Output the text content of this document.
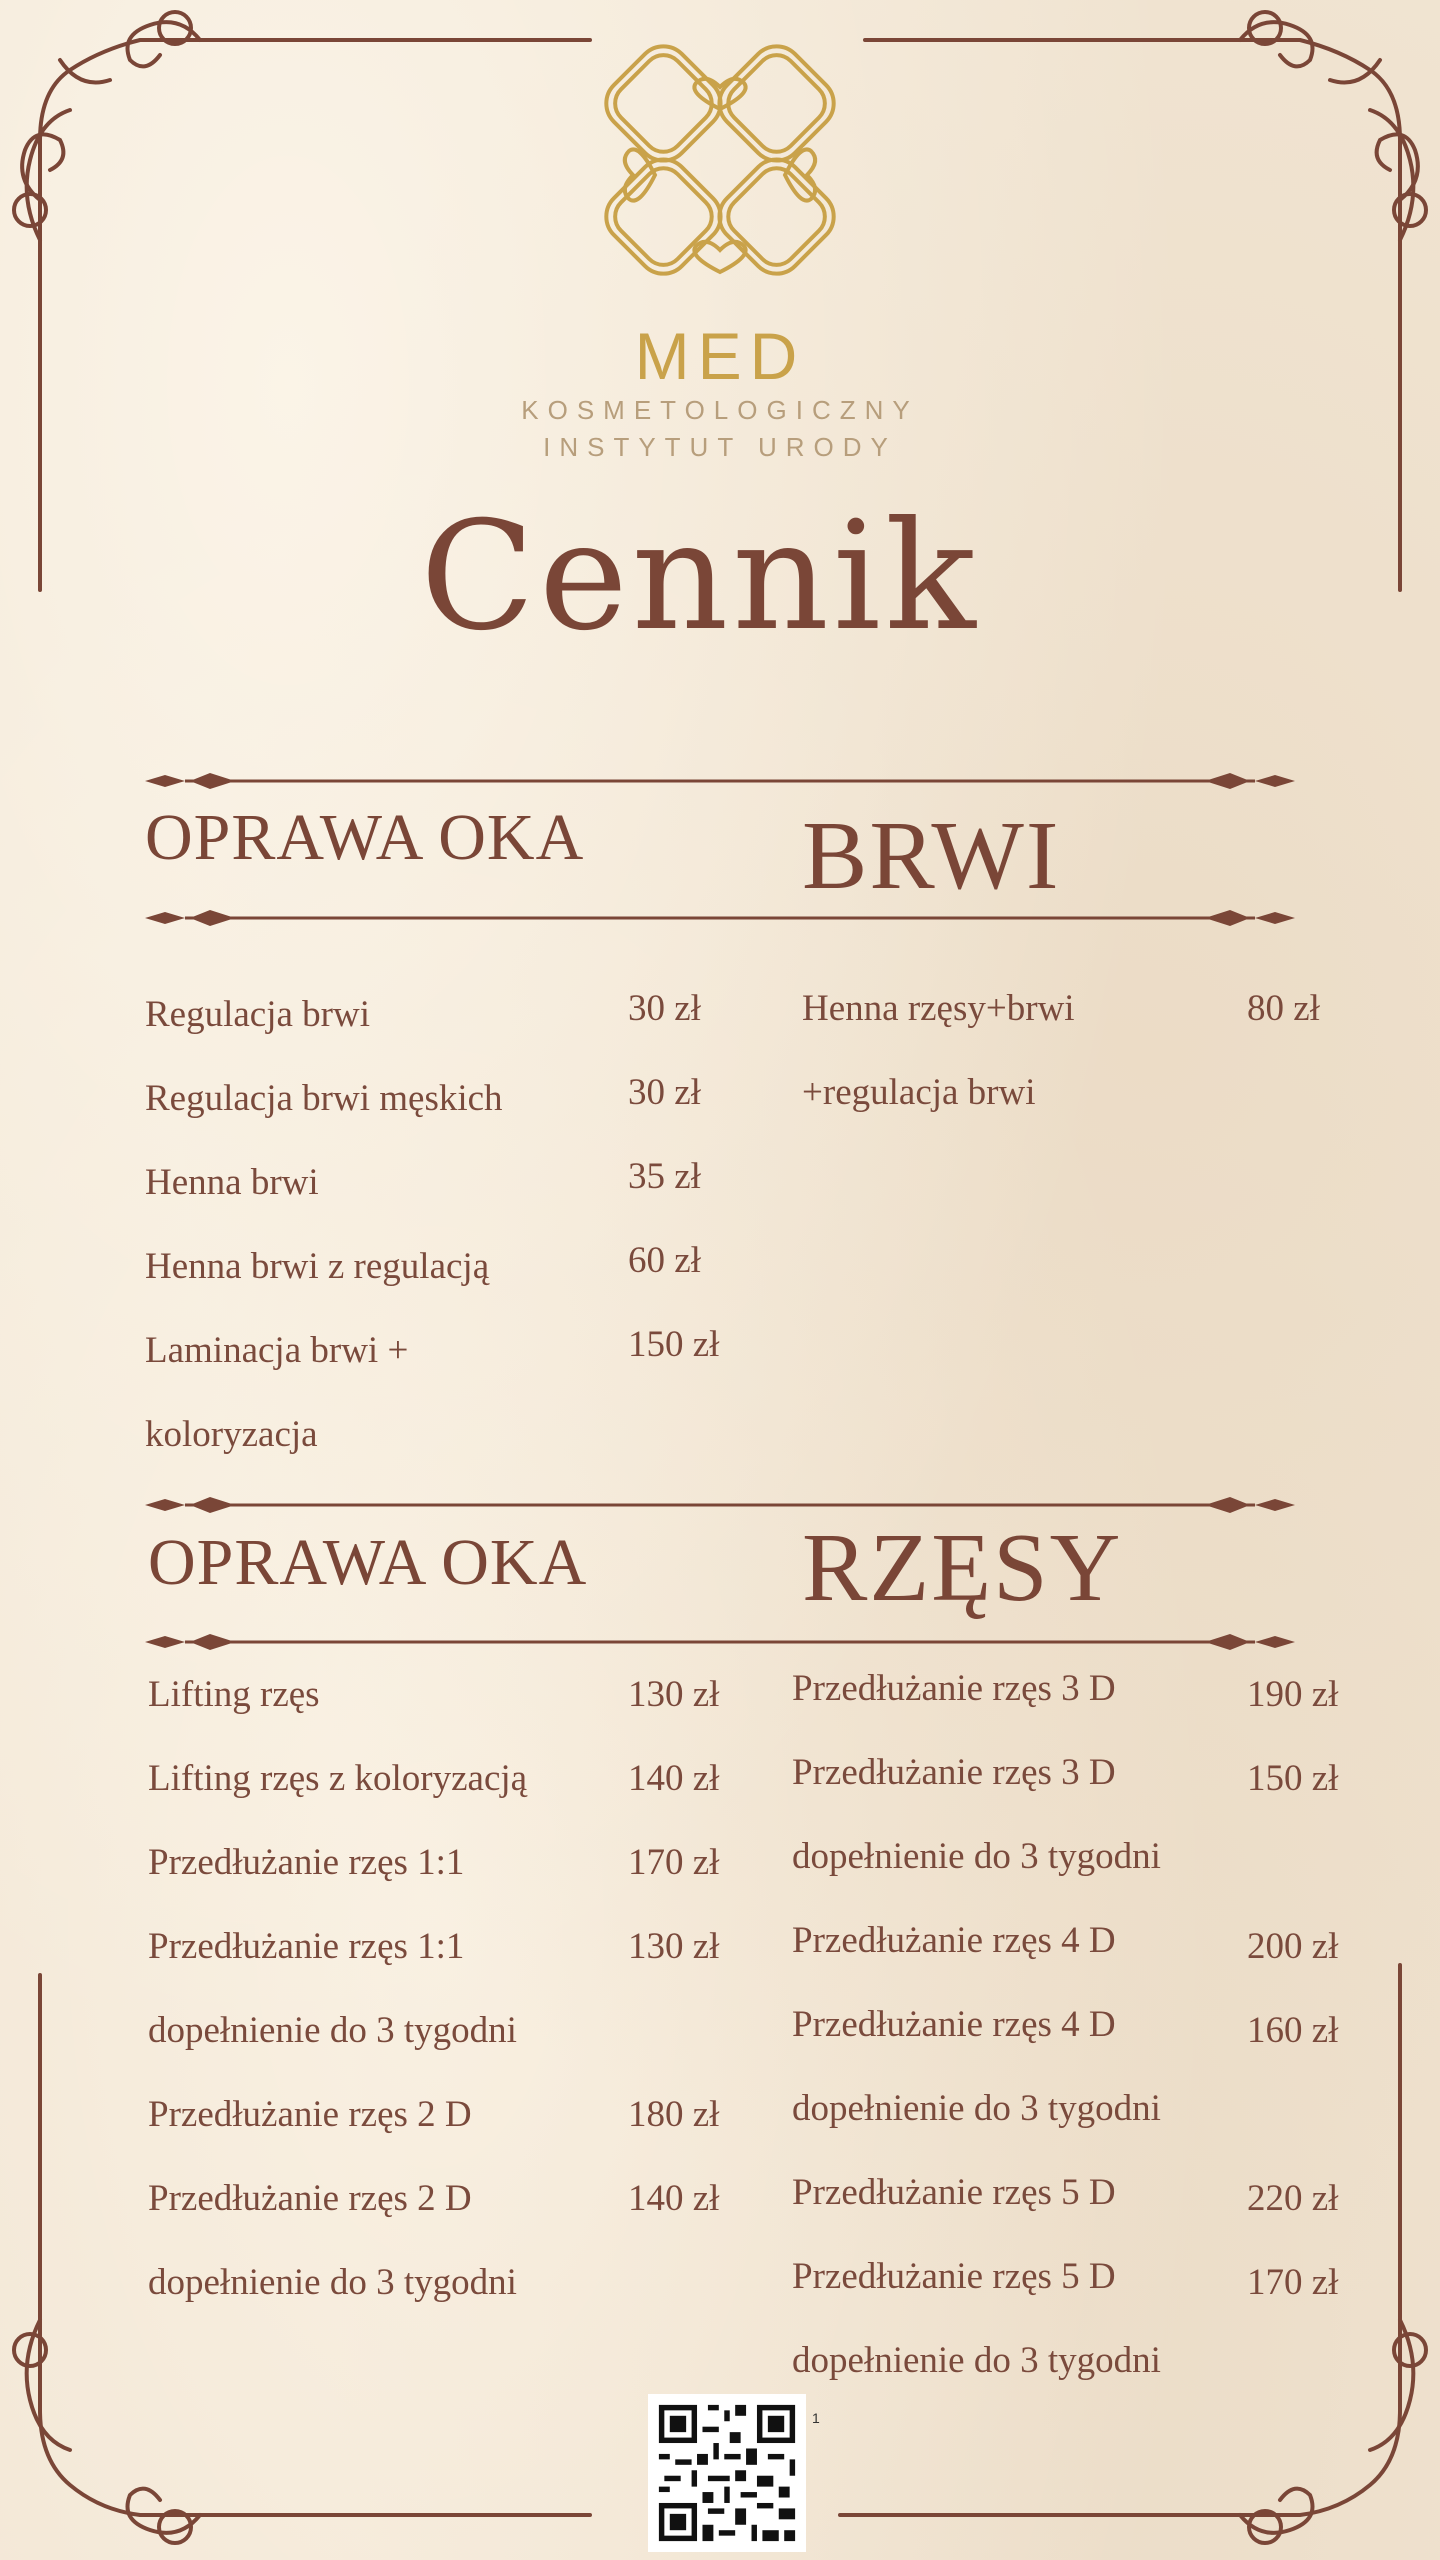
MED
KOSMETOLOGICZNY
INSTYTUT URODY
Cennik
OPRAWA OKA BRWI
Regulacja brwi	30 zł
Regulacja brwi męskich	30 zł
Henna brwi	35 zł
Henna brwi z regulacją	60 zł
Laminacja brwi +	150 zł
koloryzacja
Henna rzęsy+brwi	80 zł
+regulacja brwi
OPRAWA OKA RZĘSY
Lifting rzęs	130 zł
Lifting rzęs z koloryzacją	140 zł
Przedłużanie rzęs 1:1	170 zł
Przedłużanie rzęs 1:1	130 zł
dopełnienie do 3 tygodni
Przedłużanie rzęs 2 D	180 zł
Przedłużanie rzęs 2 D	140 zł
dopełnienie do 3 tygodni
Przedłużanie rzęs 3 D	190 zł
Przedłużanie rzęs 3 D	150 zł
dopełnienie do 3 tygodni
Przedłużanie rzęs 4 D	200 zł
Przedłużanie rzęs 4 D	160 zł
dopełnienie do 3 tygodni
Przedłużanie rzęs 5 D	220 zł
Przedłużanie rzęs 5 D	170 zł
dopełnienie do 3 tygodni
1
